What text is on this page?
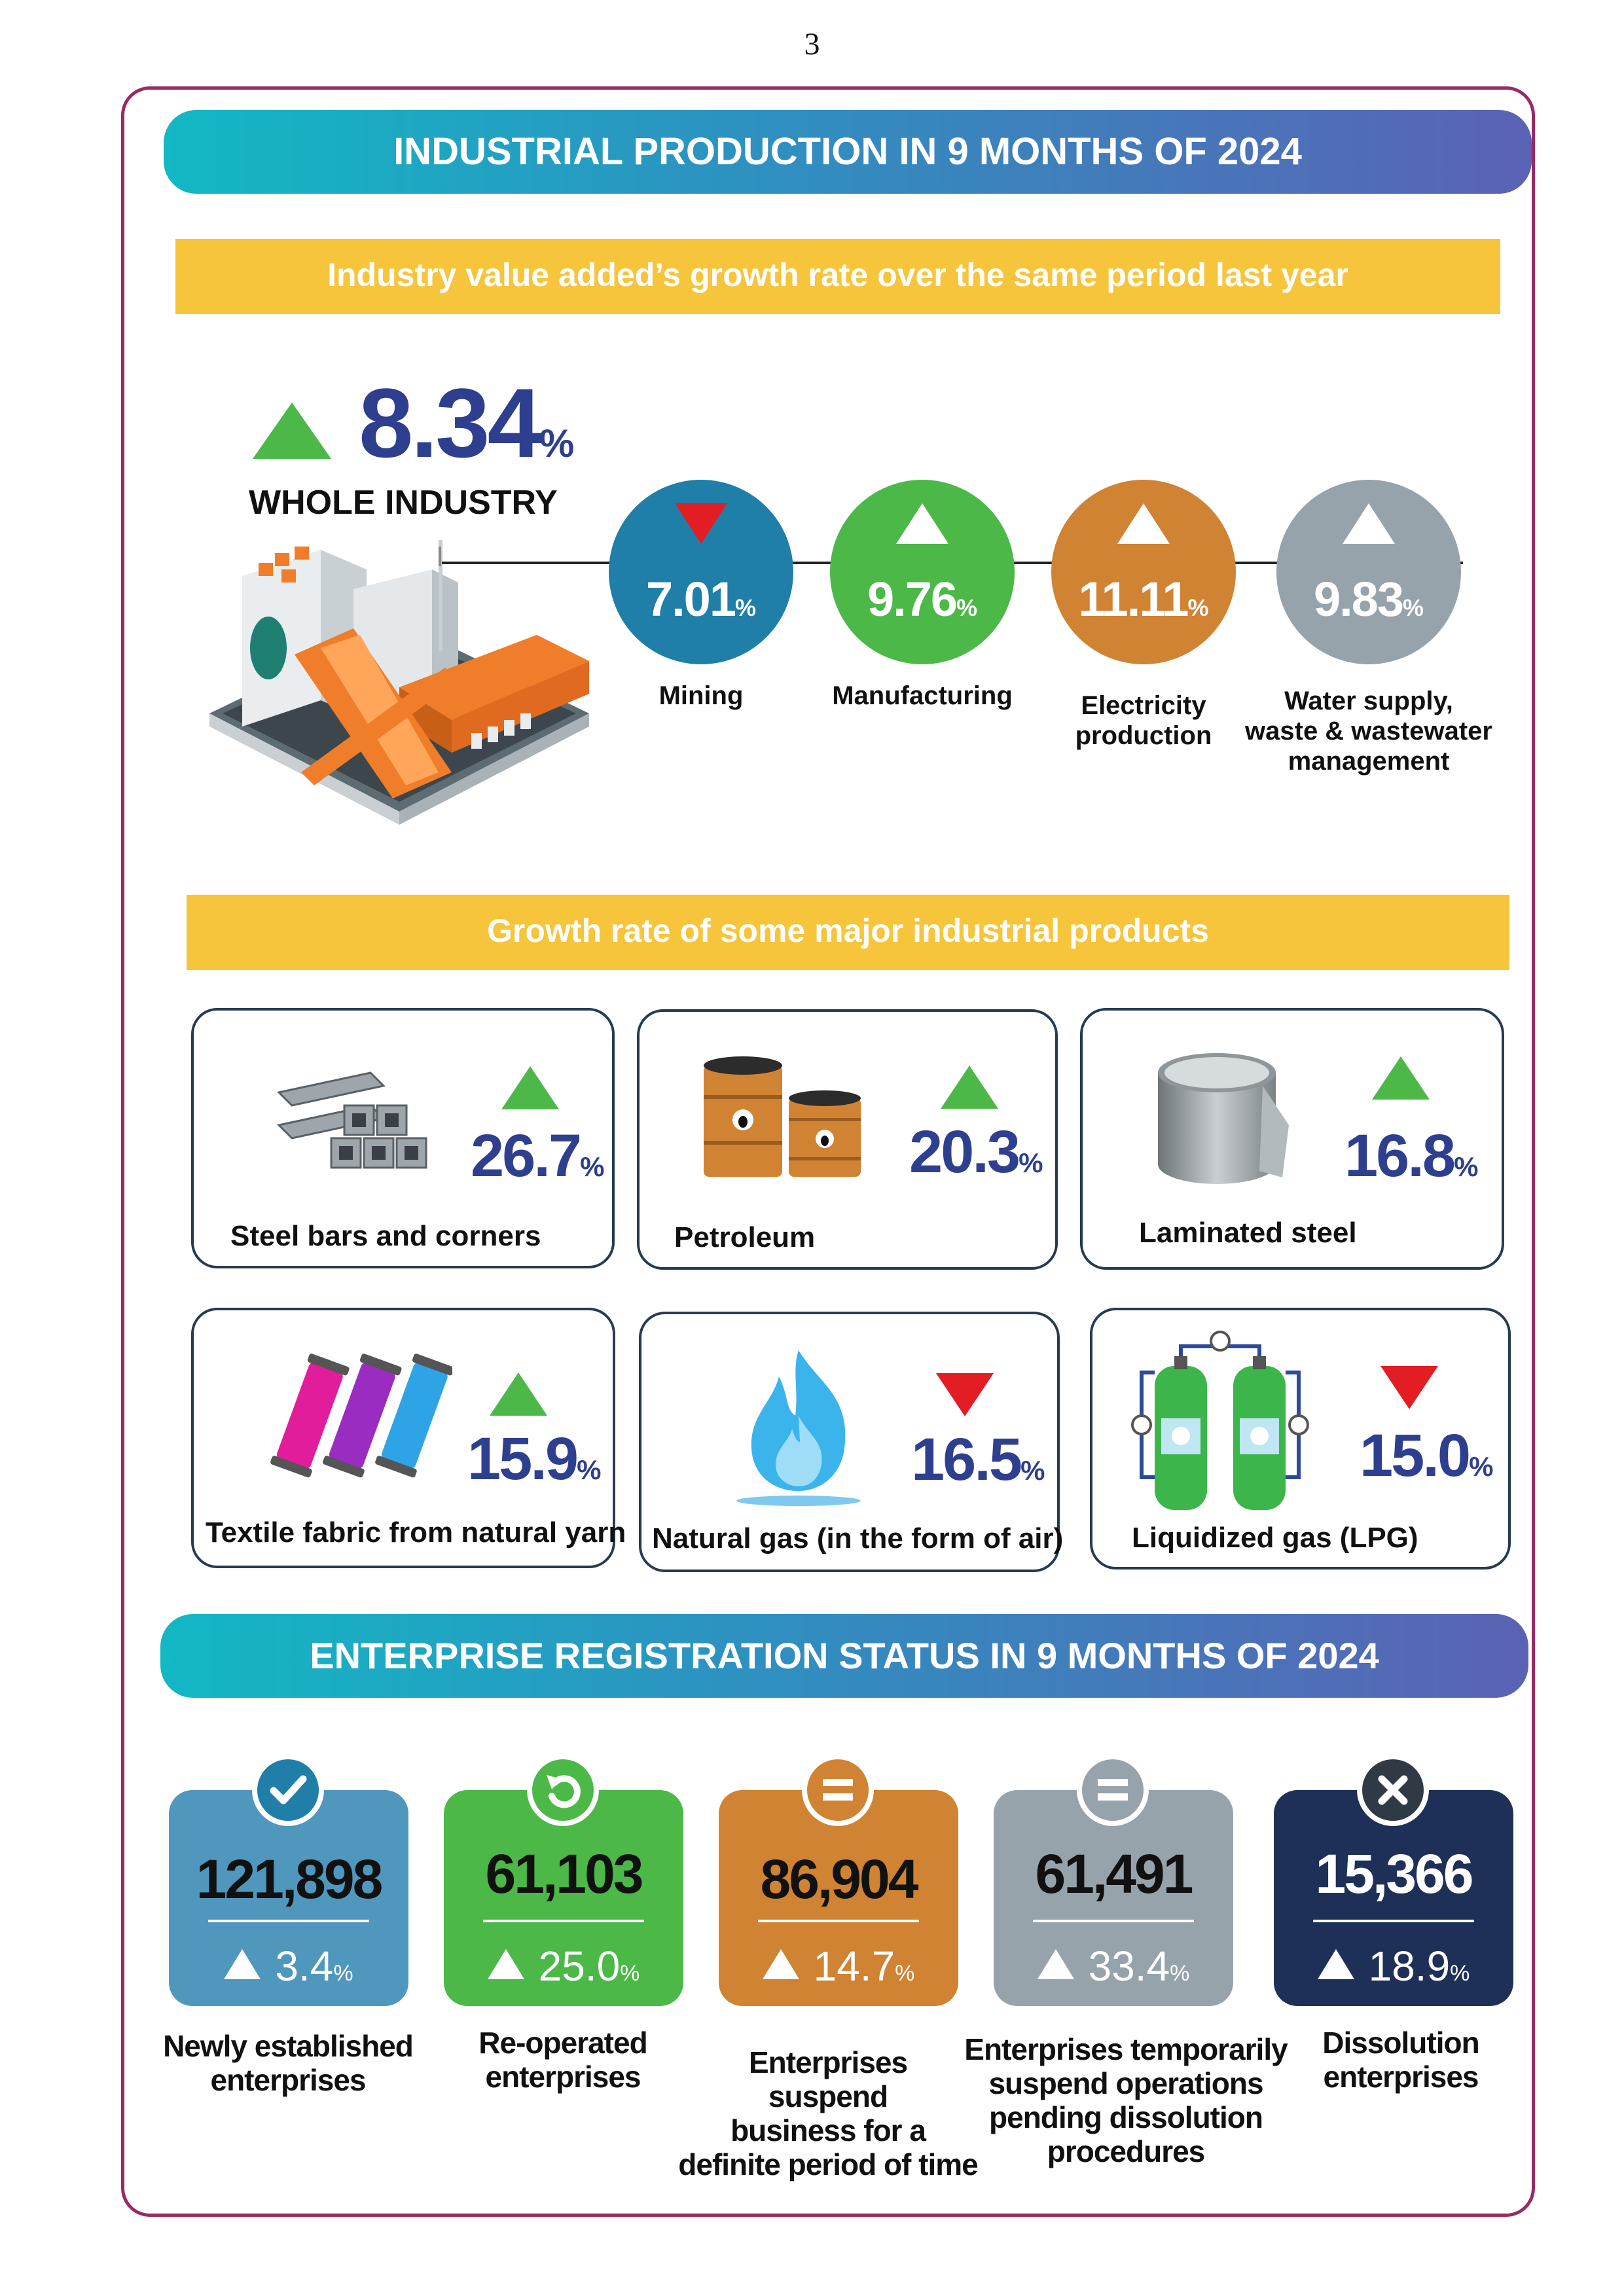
3
INDUSTRIAL PRODUCTION IN 9 MONTHS OF 2024
Industry value added’s growth rate over the same period last year
8.34%
WHOLE INDUSTRY
7.01%	9.76%	11.11%	9.83%
Mining	Manufacturing	Electricity
production
Water supply,
waste & wastewater
management
Growth rate of some major industrial products
26.7%
Steel bars and corners
20.3%
Petroleum
16.8%
Laminated steel
15.9%
Textile fabric from natural yarn
16.5%
Natural gas (in the form of air)
15.0%
Liquidized gas (LPG)
ENTERPRISE REGISTRATION STATUS IN 9 MONTHS OF 2024
121,898
3.4%
61,103
25.0%
86,904
14.7%
61,491
33.4%
15,366
18.9%
Newly established
enterprises
Re-operated
enterprises	Enterprises
suspend
business for a
definite period of time
Enterprises temporarily
suspend operations
pending dissolution
procedures
Dissolution
enterprises
